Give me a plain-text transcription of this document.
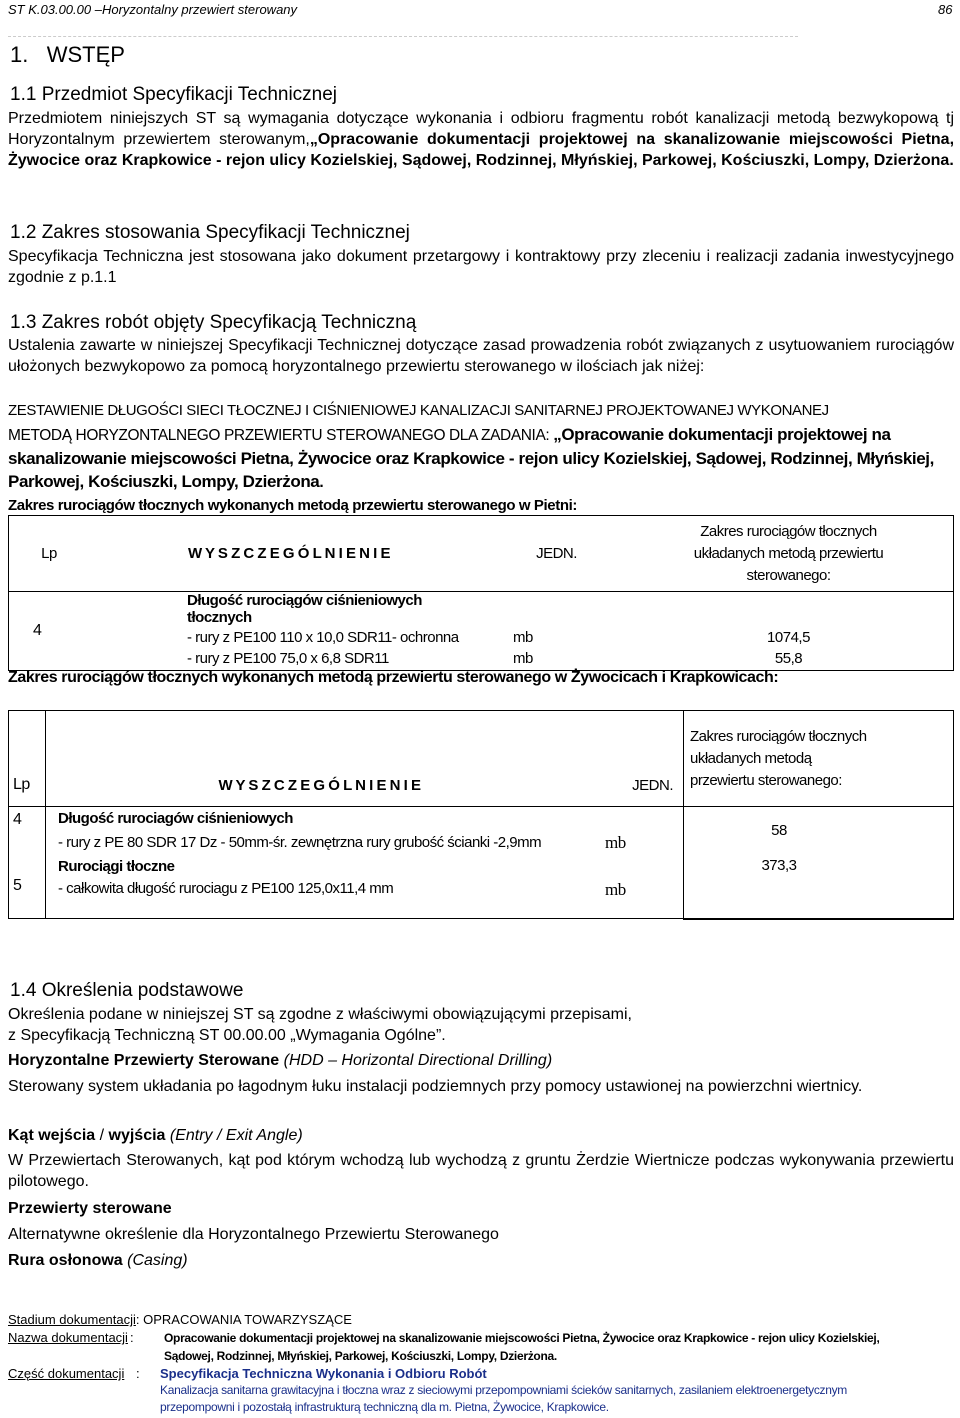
ST K.03.00.00 –Horyzontalny przewiert sterowany	86
1. WSTĘP
1.1 Przedmiot Specyfikacji Technicznej
Przedmiotem niniejszych ST są wymagania dotyczące wykonania i odbioru fragmentu robót kanalizacji metodą bezwykopową tj Horyzontalnym przewiertem sterowanym,„Opracowanie dokumentacji projektowej na skanalizowanie miejscowości Pietna, Żywocice oraz Krapkowice - rejon ulicy Kozielskiej, Sądowej, Rodzinnej, Młyńskiej, Parkowej, Kościuszki, Lompy, Dzierżona.
1.2 Zakres stosowania Specyfikacji Technicznej
Specyfikacja Techniczna jest stosowana jako dokument przetargowy i kontraktowy przy zleceniu i realizacji zadania inwestycyjnego zgodnie z p.1.1
1.3 Zakres robót objęty Specyfikacją Techniczną
Ustalenia zawarte w niniejszej Specyfikacji Technicznej dotyczące zasad prowadzenia robót związanych z usytuowaniem rurociągów ułożonych bezwykopowo za pomocą horyzontalnego przewiertu sterowanego w ilościach jak niżej:
ZESTAWIENIE DŁUGOŚCI SIECI TŁOCZNEJ I CIŚNIENIOWEJ KANALIZACJI SANITARNEJ PROJEKTOWANEJ WYKONANEJ
METODĄ HORYZONTALNEGO PRZEWIERTU STEROWANEGO DLA ZADANIA: „Opracowanie dokumentacji projektowej na skanalizowanie miejscowości Pietna, Żywocice oraz Krapkowice - rejon ulicy Kozielskiej, Sądowej, Rodzinnej, Młyńskiej, Parkowej, Kościuszki, Lompy, Dzierżona.
Zakres rurociągów tłocznych wykonanych metodą przewiertu sterowanego w Pietni:
Lp	W Y S Z C Z E G Ó L N I E N I E	JEDN.	Zakres rurociągów tłocznych układanych metodą przewiertu sterowanego:
4	Długość rurociągów ciśnieniowych tłocznych		
	- rury z PE100 110 x 10,0 SDR11- ochronna	mb	1074,5
	- rury z PE100 75,0 x 6,8 SDR11	mb	55,8
Zakres rurociągów tłocznych wykonanych metodą przewiertu sterowanego w Żywocicach i Krapkowicach:
Lp	W Y S Z C Z E G Ó L N I E N I E	JEDN.	Zakres rurociągów tłocznych układanych metodą przewiertu sterowanego:
4	Długość rurociagów ciśnieniowych		58
	- rury z PE 80 SDR 17 Dz - 50mm-śr. zewnętrzna rury grubość ścianki -2,9mm	mb	
5	Rurociągi tłoczne		373,3
	- całkowita długość rurociagu z PE100 125,0x11,4 mm	mb	
1.4 Określenia podstawowe
Określenia podane w niniejszej ST są zgodne z właściwymi obowiązującymi przepisami,
z Specyfikacją Techniczną ST 00.00.00 „Wymagania Ogólne”.
Horyzontalne Przewierty Sterowane (HDD – Horizontal Directional Drilling)
Sterowany system układania po łagodnym łuku instalacji podziemnych przy pomocy ustawionej na powierzchni wiertnicy.
Kąt wejścia / wyjścia (Entry / Exit Angle)
W Przewiertach Sterowanych, kąt pod którym wchodzą lub wychodzą z gruntu Żerdzie Wiertnicze podczas wykonywania przewiertu pilotowego.
Przewierty sterowane
Alternatywne określenie dla Horyzontalnego Przewiertu Sterowanego
Rura osłonowa (Casing)
Stadium dokumentacji: OPRACOWANIA TOWARZYSZĄCE
Nazwa dokumentacji :	Opracowanie dokumentacji projektowej na skanalizowanie miejscowości Pietna, Żywocice oraz Krapkowice - rejon ulicy Kozielskiej,
Sądowej, Rodzinnej, Młyńskiej, Parkowej, Kościuszki, Lompy, Dzierżona.
Część dokumentacji : Specyfikacja Techniczna Wykonania i Odbioru Robót
Kanalizacja sanitarna grawitacyjna i tłoczna wraz z sieciowymi przepompowniami ścieków sanitarnych, zasilaniem elektroenergetycznym
przepompowni i pozostałą infrastrukturą techniczną dla m. Pietna, Żywocice, Krapkowice.
